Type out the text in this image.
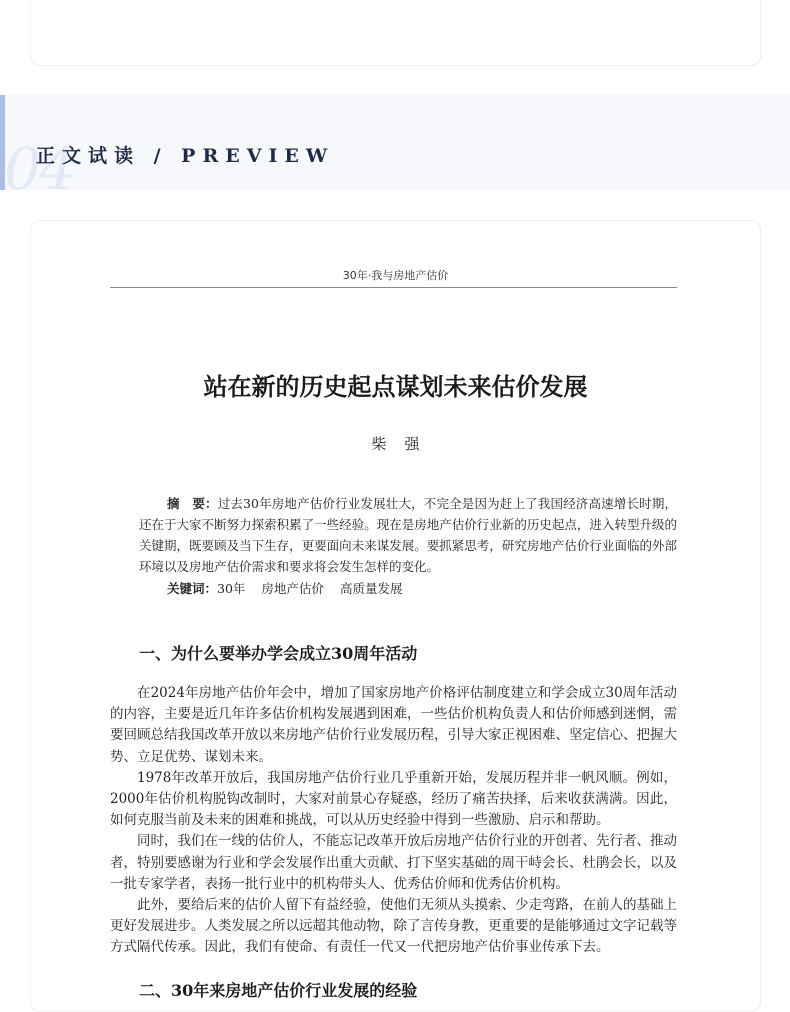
04
正文试读 / PREVIEW
30年·我与房地产估价
站在新的历史起点谋划未来估价发展
柴强
摘　要：过去30年房地产估价行业发展壮大，不完全是因为赶上了我国经济高速增长时期，还在于大家不断努力探索积累了一些经验。现在是房地产估价行业新的历史起点，进入转型升级的关键期，既要顾及当下生存，更要面向未来谋发展。要抓紧思考，研究房地产估价行业面临的外部环境以及房地产估价需求和要求将会发生怎样的变化。
关键词：30年 房地产估价 高质量发展
一、为什么要举办学会成立30周年活动

在2024年房地产估价年会中，增加了国家房地产价格评估制度建立和学会成立30周年活动的内容，主要是近几年许多估价机构发展遇到困难，一些估价机构负责人和估价师感到迷惘，需要回顾总结我国改革开放以来房地产估价行业发展历程，引导大家正视困难、坚定信心、把握大势、立足优势、谋划未来。

1978年改革开放后，我国房地产估价行业几乎重新开始，发展历程并非一帆风顺。例如，2000年估价机构脱钩改制时，大家对前景心存疑惑，经历了痛苦抉择，后来收获满满。因此，如何克服当前及未来的困难和挑战，可以从历史经验中得到一些激励、启示和帮助。

同时，我们在一线的估价人，不能忘记改革开放后房地产估价行业的开创者、先行者、推动者，特别要感谢为行业和学会发展作出重大贡献、打下坚实基础的周干峙会长、杜鹃会长，以及一批专家学者，表扬一批行业中的机构带头人、优秀估价师和优秀估价机构。

此外，要给后来的估价人留下有益经验，使他们无须从头摸索、少走弯路，在前人的基础上更好发展进步。人类发展之所以远超其他动物，除了言传身教，更重要的是能够通过文字记载等方式隔代传承。因此，我们有使命、有责任一代又一代把房地产估价事业传承下去。

二、30年来房地产估价行业发展的经验
